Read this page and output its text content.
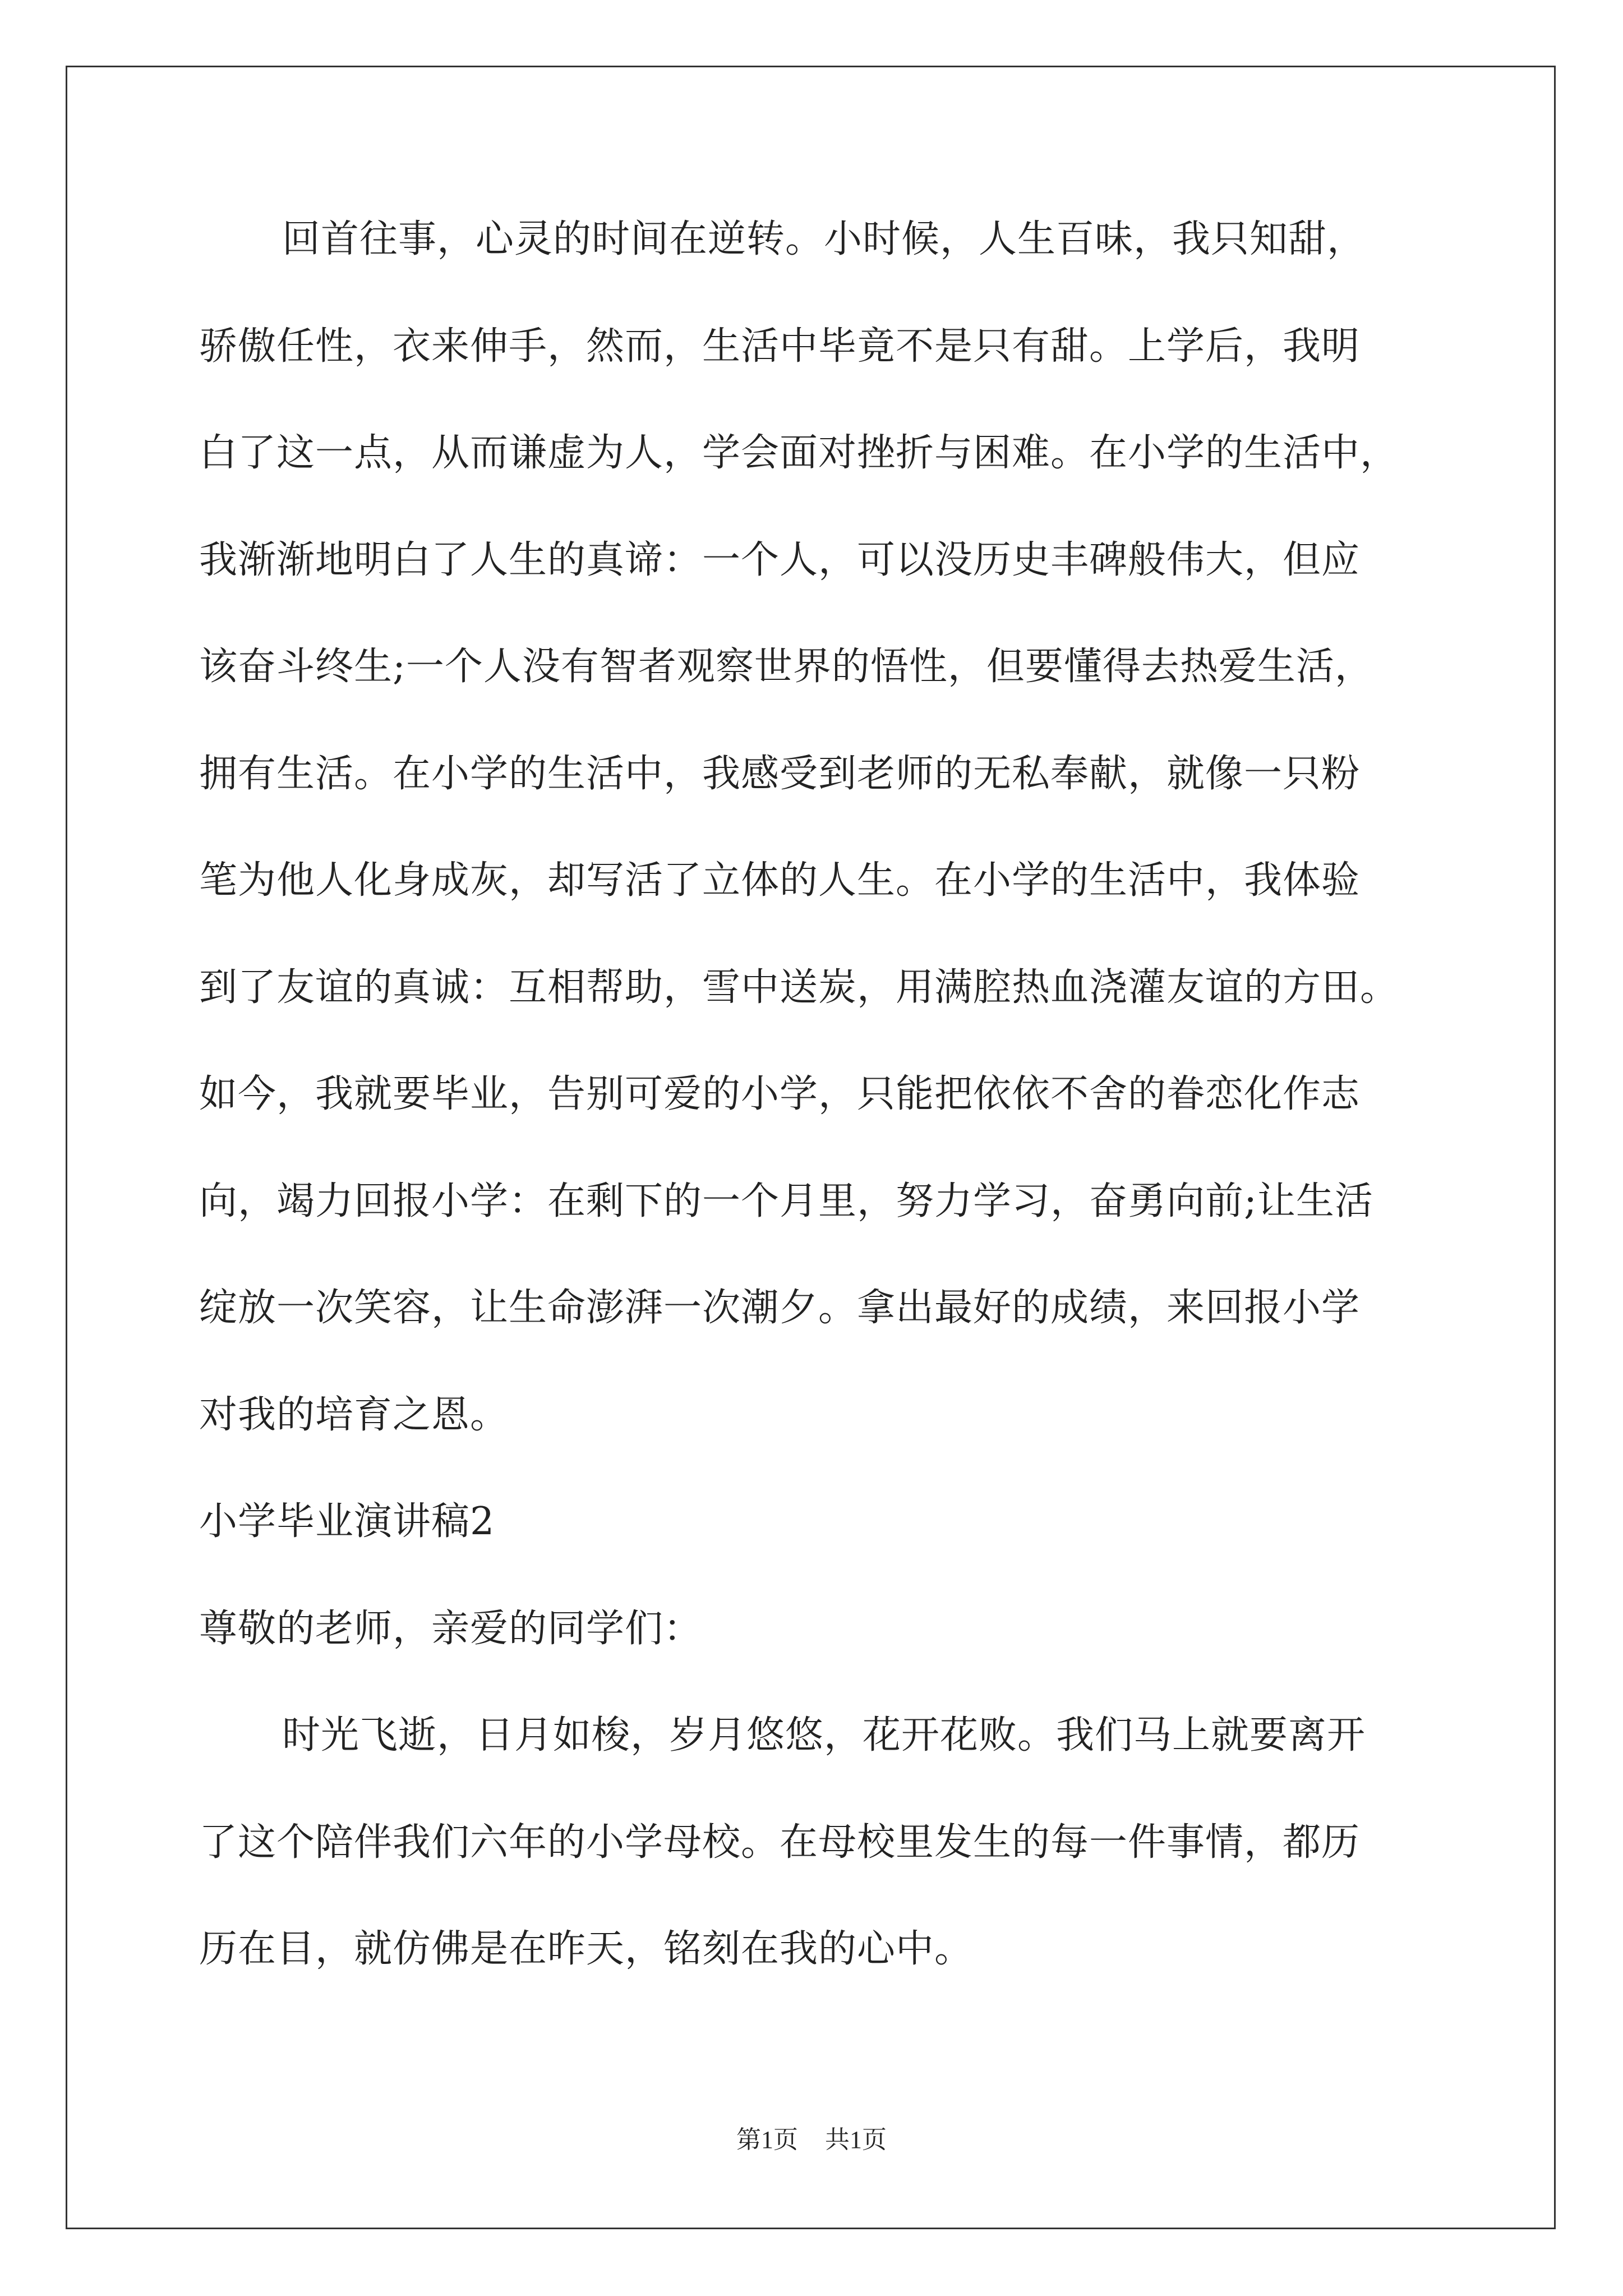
回首往事，心灵的时间在逆转。小时候，人生百味，我只知甜，

骄傲任性，衣来伸手，然而，生活中毕竟不是只有甜。上学后，我明

白了这一点，从而谦虚为人，学会面对挫折与困难。在小学的生活中，

我渐渐地明白了人生的真谛：一个人，可以没历史丰碑般伟大，但应

该奋斗终生;一个人没有智者观察世界的悟性，但要懂得去热爱生活，

拥有生活。在小学的生活中，我感受到老师的无私奉献，就像一只粉

笔为他人化身成灰，却写活了立体的人生。在小学的生活中，我体验

到了友谊的真诚：互相帮助，雪中送炭，用满腔热血浇灌友谊的方田。

如今，我就要毕业，告别可爱的小学，只能把依依不舍的眷恋化作志

向，竭力回报小学：在剩下的一个月里，努力学习，奋勇向前;让生活

绽放一次笑容，让生命澎湃一次潮夕。拿出最好的成绩，来回报小学

对我的培育之恩。

小学毕业演讲稿2

尊敬的老师，亲爱的同学们：

时光飞逝，日月如梭，岁月悠悠，花开花败。我们马上就要离开

了这个陪伴我们六年的小学母校。在母校里发生的每一件事情，都历

历在目，就仿佛是在昨天，铭刻在我的心中。

第1页 共1页
